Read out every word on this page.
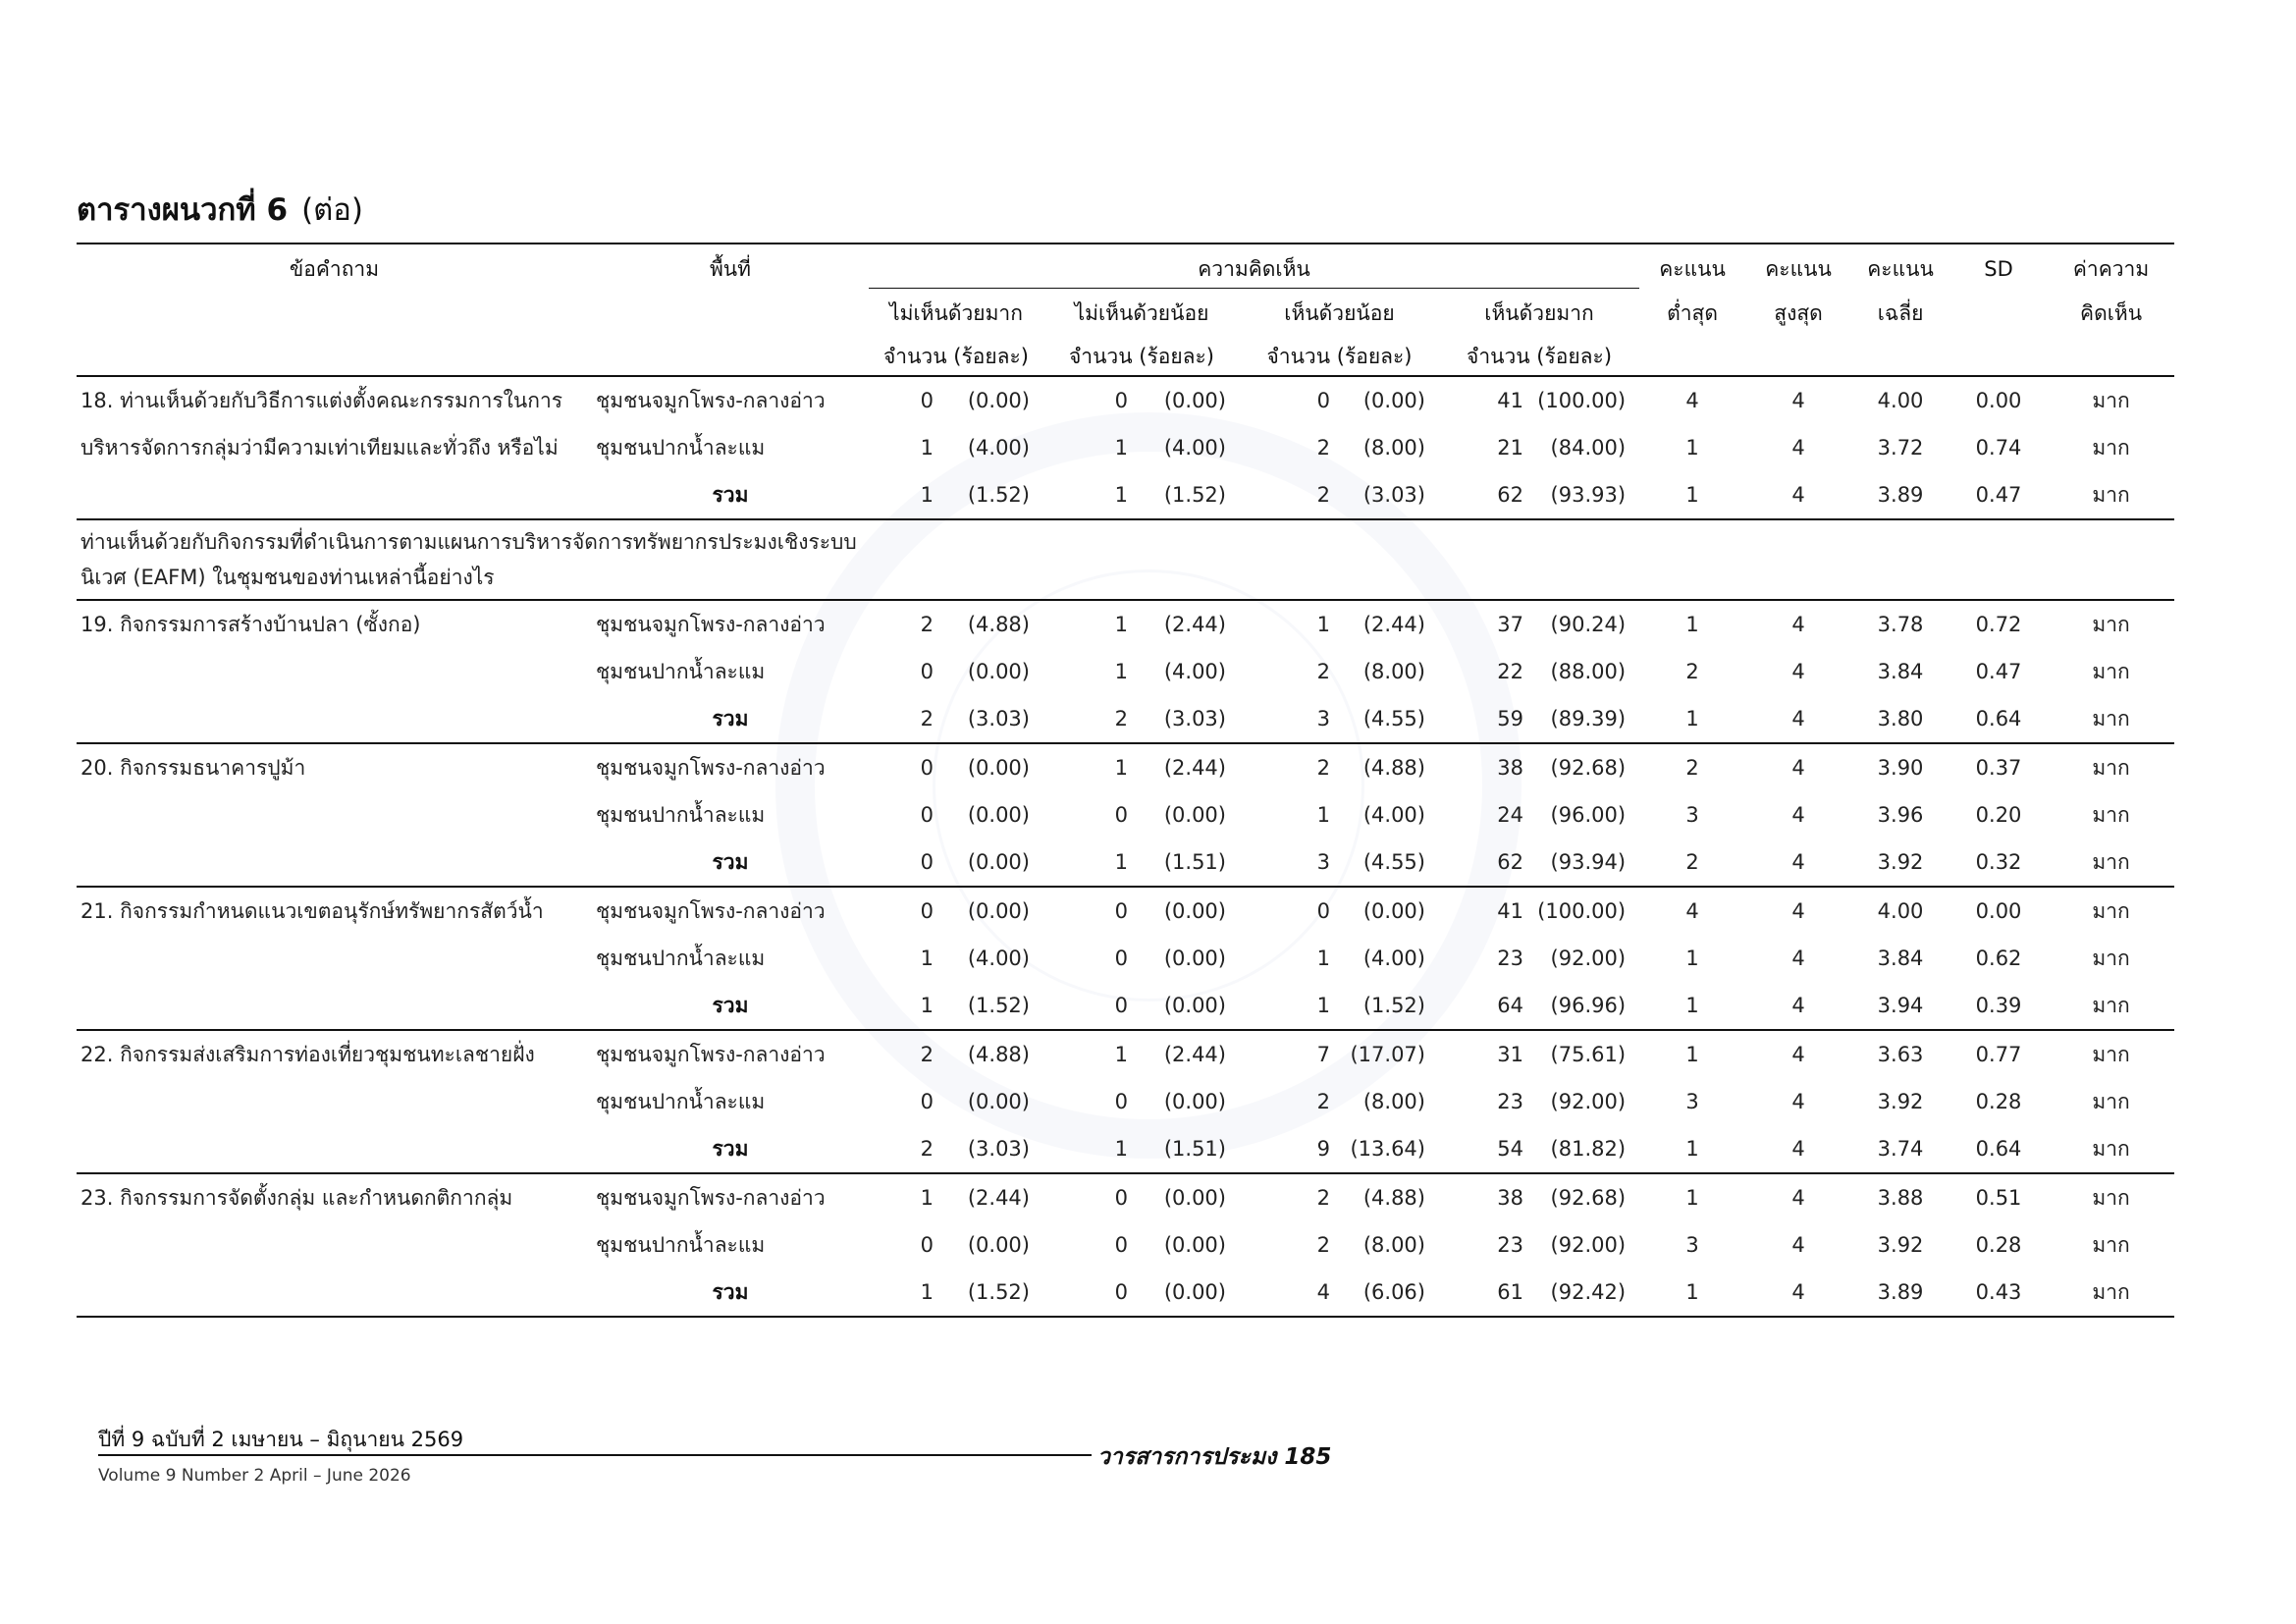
ตารางผนวกที่ 6 (ต่อ)
ข้อคำถาม	พื้นที่	ความคิดเห็น								คะแนน	คะแนน	คะแนน	SD	ค่าความ
		ไม่เห็นด้วยมาก		ไม่เห็นด้วยน้อย		เห็นด้วยน้อย		เห็นด้วยมาก		ต่ำสุด	สูงสุด	เฉลี่ย		คิดเห็น
		จำนวน (ร้อยละ)		จำนวน (ร้อยละ)		จำนวน (ร้อยละ)		จำนวน (ร้อยละ)						
18. ท่านเห็นด้วยกับวิธีการแต่งตั้งคณะกรรมการในการบริหารจัดการกลุ่มว่ามีความเท่าเทียมและทั่วถึง หรือไม่	ชุมชนจมูกโพรง-กลางอ่าว	0	(0.00)	0	(0.00)	0	(0.00)	41	(100.00)	4	4	4.00	0.00	มาก
	ชุมชนปากน้ำละแม	1	(4.00)	1	(4.00)	2	(8.00)	21	(84.00)	1	4	3.72	0.74	มาก
	รวม	1	(1.52)	1	(1.52)	2	(3.03)	62	(93.93)	1	4	3.89	0.47	มาก
ท่านเห็นด้วยกับกิจกรรมที่ดำเนินการตามแผนการบริหารจัดการทรัพยากรประมงเชิงระบบนิเวศ (EAFM) ในชุมชนของท่านเหล่านี้อย่างไร														
19. กิจกรรมการสร้างบ้านปลา (ซั้งกอ)	ชุมชนจมูกโพรง-กลางอ่าว	2	(4.88)	1	(2.44)	1	(2.44)	37	(90.24)	1	4	3.78	0.72	มาก
	ชุมชนปากน้ำละแม	0	(0.00)	1	(4.00)	2	(8.00)	22	(88.00)	2	4	3.84	0.47	มาก
	รวม	2	(3.03)	2	(3.03)	3	(4.55)	59	(89.39)	1	4	3.80	0.64	มาก
20. กิจกรรมธนาคารปูม้า	ชุมชนจมูกโพรง-กลางอ่าว	0	(0.00)	1	(2.44)	2	(4.88)	38	(92.68)	2	4	3.90	0.37	มาก
	ชุมชนปากน้ำละแม	0	(0.00)	0	(0.00)	1	(4.00)	24	(96.00)	3	4	3.96	0.20	มาก
	รวม	0	(0.00)	1	(1.51)	3	(4.55)	62	(93.94)	2	4	3.92	0.32	มาก
21. กิจกรรมกำหนดแนวเขตอนุรักษ์ทรัพยากรสัตว์น้ำ	ชุมชนจมูกโพรง-กลางอ่าว	0	(0.00)	0	(0.00)	0	(0.00)	41	(100.00)	4	4	4.00	0.00	มาก
	ชุมชนปากน้ำละแม	1	(4.00)	0	(0.00)	1	(4.00)	23	(92.00)	1	4	3.84	0.62	มาก
	รวม	1	(1.52)	0	(0.00)	1	(1.52)	64	(96.96)	1	4	3.94	0.39	มาก
22. กิจกรรมส่งเสริมการท่องเที่ยวชุมชนทะเลชายฝั่ง	ชุมชนจมูกโพรง-กลางอ่าว	2	(4.88)	1	(2.44)	7	(17.07)	31	(75.61)	1	4	3.63	0.77	มาก
	ชุมชนปากน้ำละแม	0	(0.00)	0	(0.00)	2	(8.00)	23	(92.00)	3	4	3.92	0.28	มาก
	รวม	2	(3.03)	1	(1.51)	9	(13.64)	54	(81.82)	1	4	3.74	0.64	มาก
23. กิจกรรมการจัดตั้งกลุ่ม และกำหนดกติกากลุ่ม	ชุมชนจมูกโพรง-กลางอ่าว	1	(2.44)	0	(0.00)	2	(4.88)	38	(92.68)	1	4	3.88	0.51	มาก
	ชุมชนปากน้ำละแม	0	(0.00)	0	(0.00)	2	(8.00)	23	(92.00)	3	4	3.92	0.28	มาก
	รวม	1	(1.52)	0	(0.00)	4	(6.06)	61	(92.42)	1	4	3.89	0.43	มาก
ปีที่ 9 ฉบับที่ 2 เมษายน – มิถุนายน 2569
วารสารการประมง 185
Volume 9 Number 2 April – June 2026
